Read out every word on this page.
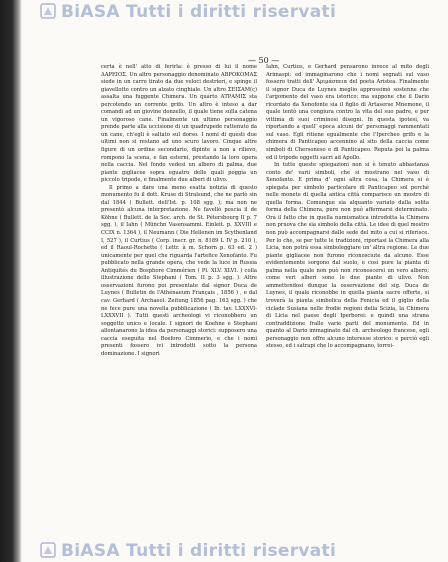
BiASA Tutti i diritti riservati
— 50 —

certa è nell' atto di ferirla: è presso di lui il nome ΔΑΡΕΙΟΣ. Un altro personaggio denominato ΑΒΡΟΚΟΜΑΣ siede in un carro tirato da due veloci destrieri, e spinge il giavellotto contro un alzato cinghiale. Un altro ΣΕΙΣΑΜ(ς) assalta una fuggente Chimera. Un quarto ΑΤΡΑΜΙΣ sta percotendo un corrente grifo. Un altro è inteso a dar comandi ad un giovine donzello, il quale tiene sulla catena un vigoroso cane. Finalmente un ultimo personaggio prende parte alla uccisione di un quadrupede rattenuto da un cane, ch'egli è saltato sul dorso. I nomi di questi due ultimi non si restano ad uno scuro lavoro. Cinque altre figure di un ordine secondario, dipinte a non a rilievo, rompono la scena, e fan esterni, prestando la loro opera nella caccia. Nel fondo vedesi un albero di palma, due piante gigliacee sopra eguatro delle quali poggia un piccolo tripode, e finalmente due alberi di ulivo.

Il primo a dare una meno esatta notizia di questo monumento fu il dott. Kruse di Stralsund, che ne parlò sin dal 1844 ( Bullett. dell'Ist. p. 108 sgg. ); ma non ne presentò alcuna interpretazione. Ne favellò poscia il de Köhne ( Bullett. de la Soc. arch. de St. Pétersbourg II p. 7 sgg. ), il Iahn ( Münchn Vasensammi. Einleit. p. XXVIII e CCIX n. 1364 ), il Neumann ( Die Hellenen im Scythenland I, 527 ), il Curtius ( Corp. inscr. gr. n. 8189 L IV p. 210 ), ed il Raoul-Rochette ( Lettr. à m. Schorn p. 63 ed. 2 ) unicamente per quel che riguarda l'artefice Xenofanto. Fu pubblicato nella grande opera, che vede la luce in Russia Antiquités du Bosphore Cimmérien ( Pl. XLV. XLVI. ) colla illustrazione dello Stephani ( Tom. II p. 3 sgg. ). Altre osservazioni furono poi presentate dal signor Duca de Luynes ( Bulletin de l'Athénaeum Français , 1856 ) , e dal cav. Gerhard ( Archaeol. Zeitung 1856 pag. 163 sgg. ) che ne fece pure una novella pubblicazione ( Ib. tav. LXXXVI-LXXXVII ). Tutti questi archeologi vi riconobbero un soggetto unico e locale. I signori de Koehne e Stephani allontanarono la idea da personaggi storici: supposero una caccia eseguita nel Bosforo Cimmerio, e che i nomi presenti fossero ivi introdotti sotto la persona dominazione. I signori

Iahn, Curtius, e Gerhard pensarono invece al mito degli Arimaspi: ed immaginarono che i nomi segnati sul vaso fossero tratti dell' Ἀριμάσπεια del poeta Aristea. Finalmente il signor Duca de Luynes meglio approssimò sostenne che l'argomento del vaso era istorico; ma suppone che il Dario ricordato da Xenofonte sia il figlio di Artaserse Mnemone, il quale tentò una congiura contro la vita del suo padre, e per vittima di suoi criminosi disegni. In questa ipotesi, va riportando a quell' epoca alcuni de' personaggi rammentati sul vaso. Egli ritiene egualmente che l'Ipercheo grifo e la chimera di Panticapeo accennino al sito della caccia come simboli di Chersoneso e di Panticapeo. Reputa poi la palma ed il tripode oggetti sacri ad Apollo.

In tutte queste spiegazioni non si è tenuto abbastanza conto de' varii simboli, che si mostrano nel vaso di Xenofanto. E prima d' ogni altra cosa, la Chimera si è spiegata per simbolo particolare di Panticapeo sol perchè nelle monete di quella antica città comparisce un mostro di quella forma. Comunque sia alquanto variato dalla solita forma della Chimera, pure non può affermarsi determinato. Ora il fatto che in quella numismatica introdotta la Chimera non pruova che sia simbolo della città. Le idee di quel mostro non può accompagnarsi dalle sede del mito a cui si riferisce. Per lo che, se per tutte le tradizioni, riportasi la Chimera alla Licia, non potrà essa simboleggiare un' altra regione. Le due piante gigliacee non furono riconosciute da alcuno. Esse evidentemente sorgono dal suolo, e così pure la pianta di palma nella quale non può non riconoscersi un vero albero; come veri alberi sono le due piante di ulivo. Non ammettendosi dunque la osservazione del sig. Duca de Luynes, il quale riconobbe in quella pianta sacre offerte, si troverà la pianta simbolica della Fenicia ed il giglio della ciclade Susiana nelle frodie regioni della Scizia, la Chimera di Licia nel paese degli Iperborei: e quindi una strana contraddizione fralle varie parti del monumento. Ed in quanto al Dario immaginato dal ch. archeologo francese, egli personaggio non offre alcuno interesse storico: e perciò egli stesso, ed i satrapi che lo accompagnano, torrei-

BiASA Tutti i diritti riservati
